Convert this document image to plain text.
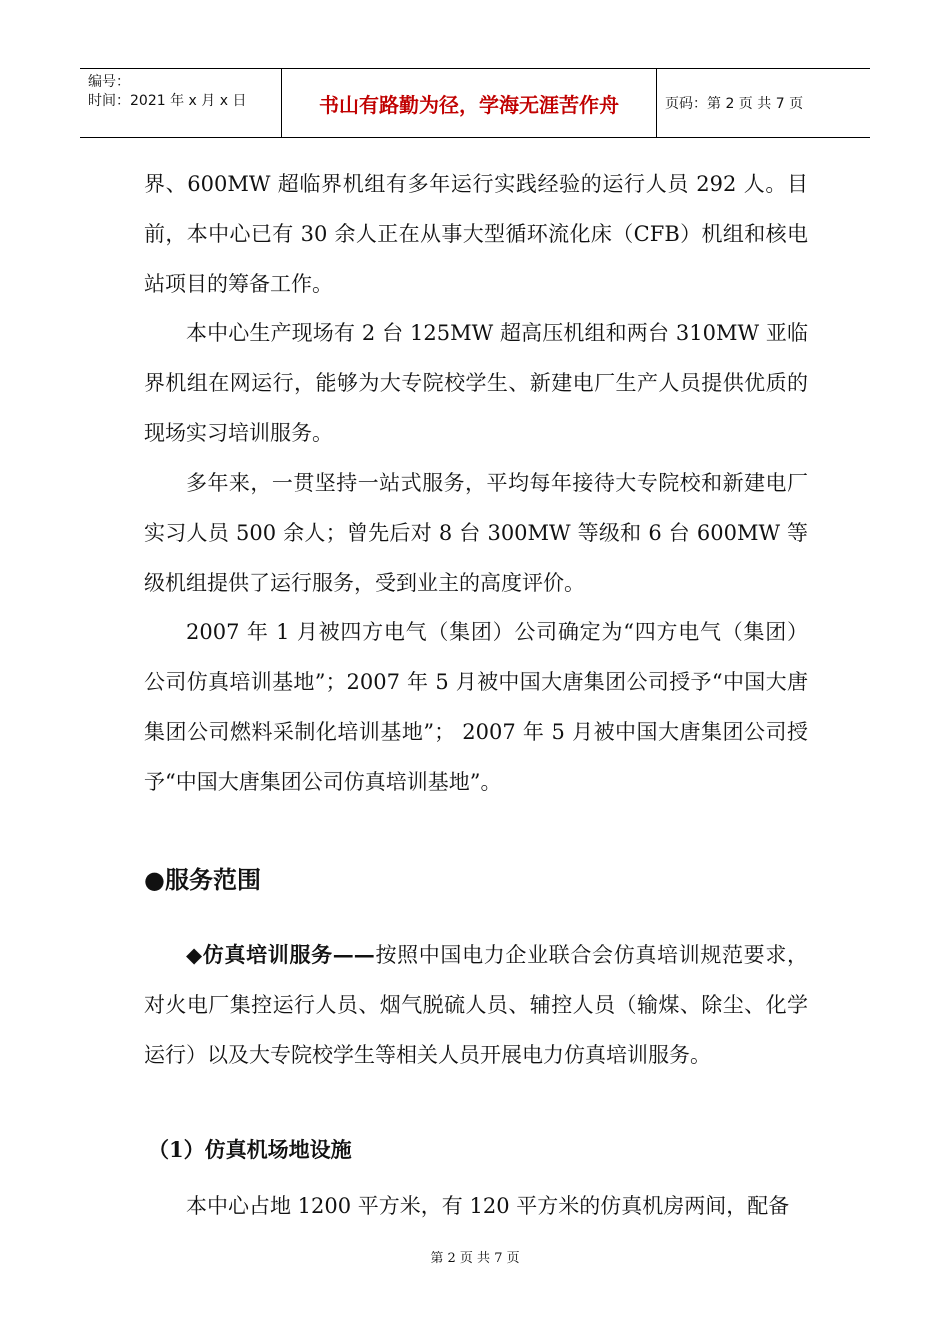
编号：
时间：2021 年 x 月 x 日	书山有路勤为径，学海无涯苦作舟	页码：第 2 页 共 7 页

界、600MW 超临界机组有多年运行实践经验的运行人员 292 人。目前，本中心已有 30 余人正在从事大型循环流化床（CFB）机组和核电站项目的筹备工作。

本中心生产现场有 2 台 125MW 超高压机组和两台 310MW 亚临界机组在网运行，能够为大专院校学生、新建电厂生产人员提供优质的现场实习培训服务。

多年来，一贯坚持一站式服务，平均每年接待大专院校和新建电厂实习人员 500 余人；曾先后对 8 台 300MW 等级和 6 台 600MW 等级机组提供了运行服务，受到业主的高度评价。

2007 年 1 月被四方电气（集团）公司确定为“四方电气（集团）公司仿真培训基地”；2007 年 5 月被中国大唐集团公司授予“中国大唐集团公司燃料采制化培训基地”； 2007 年 5 月被中国大唐集团公司授予“中国大唐集团公司仿真培训基地”。

●服务范围

◆仿真培训服务——按照中国电力企业联合会仿真培训规范要求，对火电厂集控运行人员、烟气脱硫人员、辅控人员（输煤、除尘、化学运行）以及大专院校学生等相关人员开展电力仿真培训服务。

（1）仿真机场地设施

本中心占地 1200 平方米，有 120 平方米的仿真机房两间，配备

第 2 页 共 7 页
